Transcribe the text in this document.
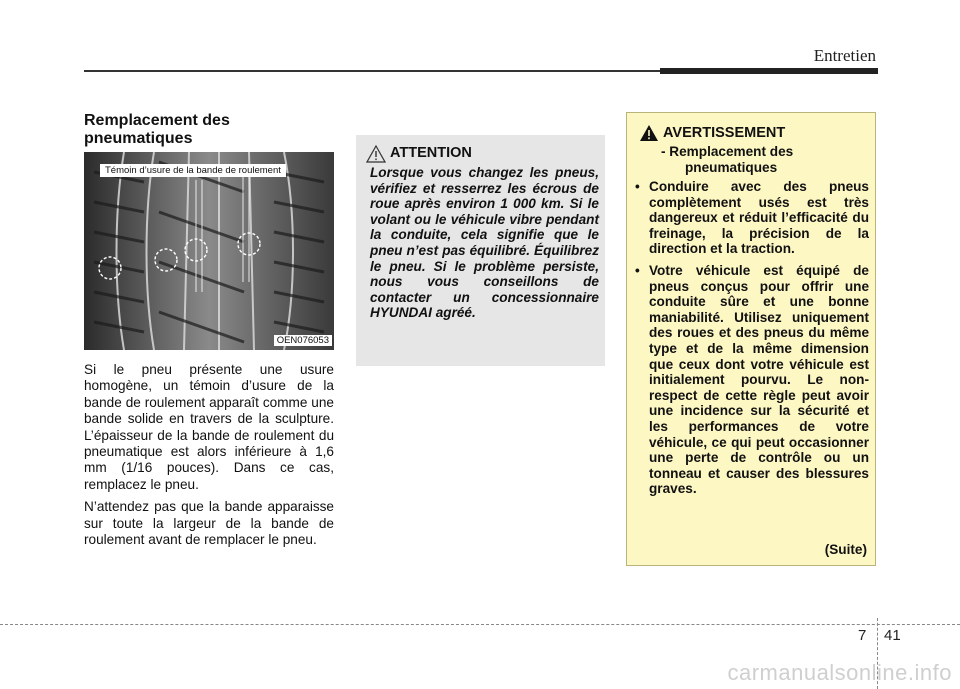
Entretien
Remplacement des pneumatiques
Témoin d’usure de la bande de roulement
OEN076053

Si le pneu présente une usure homogène, un témoin d’usure de la bande de roulement apparaît comme une bande solide en travers de la sculpture. L’épaisseur de la bande de roulement du pneumatique est alors inférieure à 1,6 mm (1/16 pouces). Dans ce cas, remplacez le pneu.

N’attendez pas que la bande apparaisse sur toute la largeur de la bande de roulement avant de remplacer le pneu.

ATTENTION
Lorsque vous changez les pneus, vérifiez et resserrez les écrous de roue après environ 1 000 km. Si le volant ou le véhicule vibre pendant la conduite, cela signifie que le pneu n’est pas équilibré. Équilibrez le pneu. Si le problème persiste, nous vous conseillons de contacter un concessionnaire HYUNDAI agréé.
AVERTISSEMENT
- Remplacement des
pneumatiques
• Conduire avec des pneus complètement usés est très dangereux et réduit l’efficacité du freinage, la précision de la direction et la traction.
• Votre véhicule est équipé de pneus conçus pour offrir une conduite sûre et une bonne maniabilité. Utilisez uniquement des roues et des pneus du même type et de la même dimension que ceux dont votre véhicule est initialement pourvu. Le non-respect de cette règle peut avoir une incidence sur la sécurité et les performances de votre véhicule, ce qui peut occasionner une perte de contrôle ou un tonneau et causer des blessures graves.
(Suite)
7 41
carmanualsonline.info
